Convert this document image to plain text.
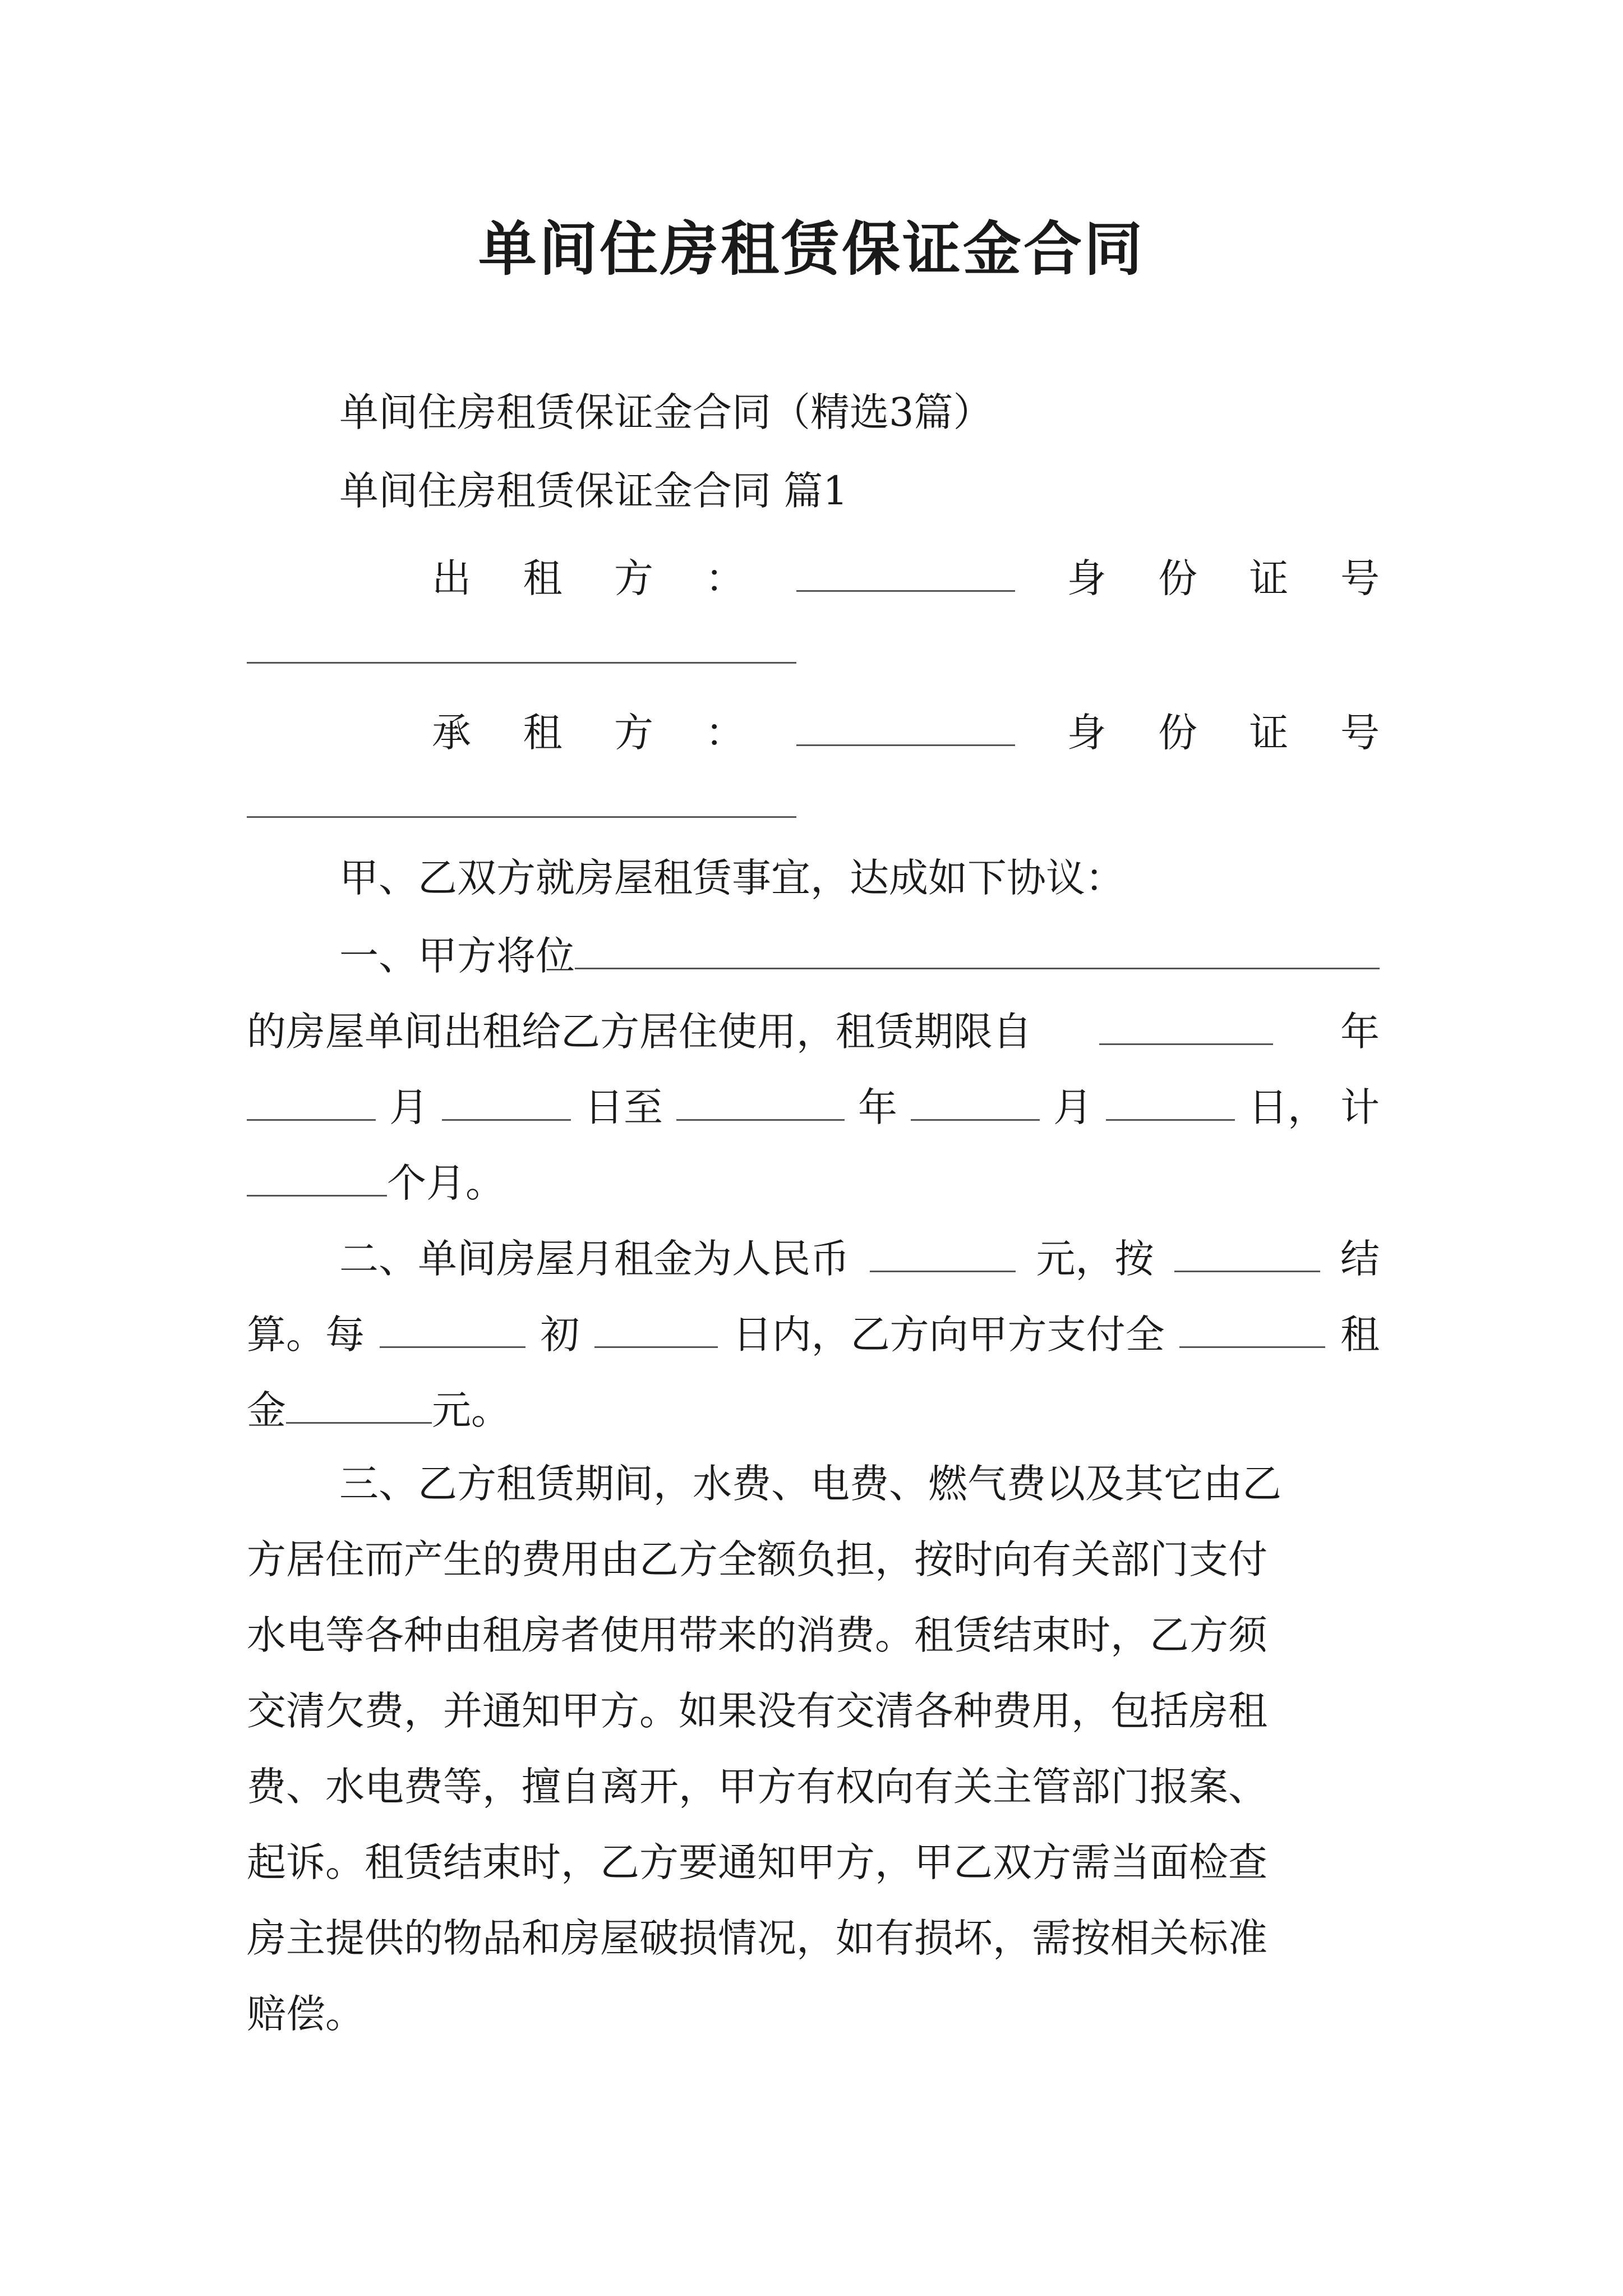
单间住房租赁保证金合同
单间住房租赁保证金合同（精选3篇）
单间住房租赁保证金合同 篇1
出 租 方 ：	身 份 证 号
承 租 方 ：	身 份 证 号
甲、乙双方就房屋租赁事宜，达成如下协议：
一、甲方将位
的房屋单间出租给乙方居住使用，租赁期限自	年
月	日至	年	月	日， 计
个月。
二、单间房屋月租金为人民币	元，按	结
算。每	初	日内，乙方向甲方支付全	租
金	元。
三、乙方租赁期间，水费、电费、燃气费以及其它由乙
方居住而产生的费用由乙方全额负担，按时向有关部门支付
水电等各种由租房者使用带来的消费。租赁结束时，乙方须
交清欠费，并通知甲方。如果没有交清各种费用，包括房租
费、水电费等，擅自离开，甲方有权向有关主管部门报案、
起诉。租赁结束时，乙方要通知甲方，甲乙双方需当面检查
房主提供的物品和房屋破损情况，如有损坏，需按相关标准
赔偿。
